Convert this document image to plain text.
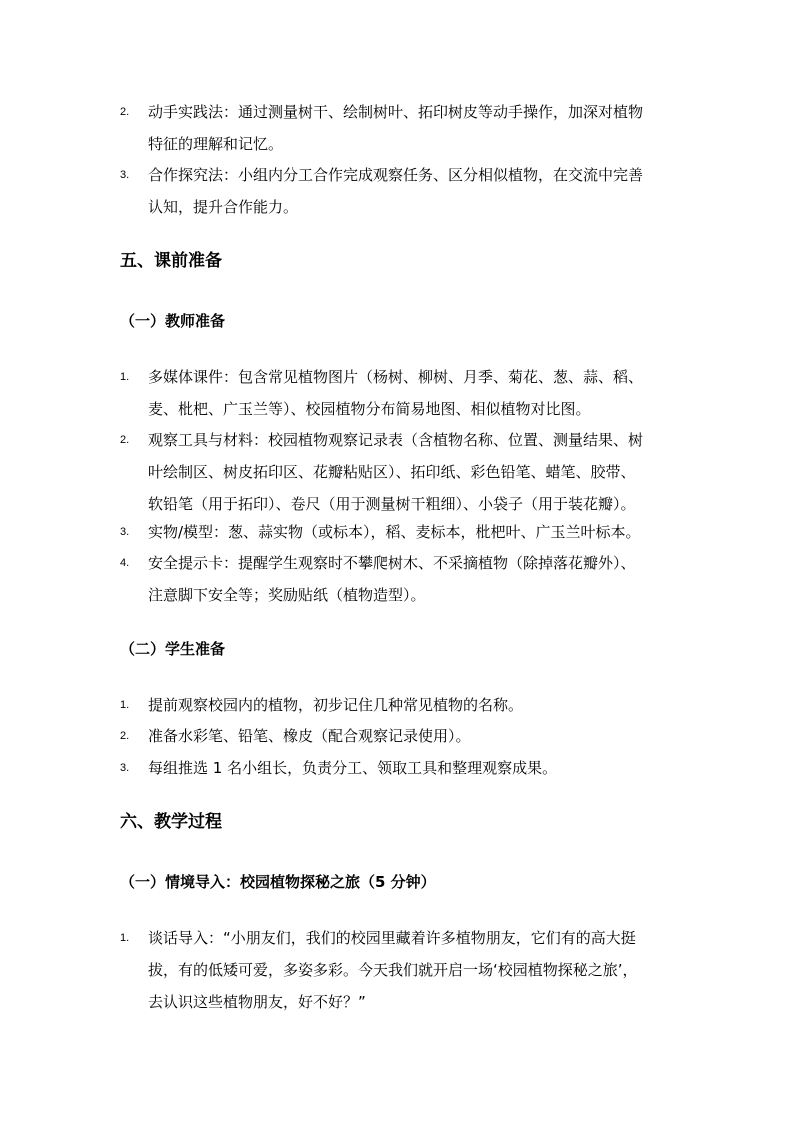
2.	动手实践法：通过测量树干、绘制树叶、拓印树皮等动手操作，加深对植物
特征的理解和记忆。
3.	合作探究法：小组内分工合作完成观察任务、区分相似植物，在交流中完善
认知，提升合作能力。
五、课前准备
（一）教师准备
1.	多媒体课件：包含常见植物图片（杨树、柳树、月季、菊花、葱、蒜、稻、
麦、枇杷、广玉兰等）、校园植物分布简易地图、相似植物对比图。
2.	观察工具与材料：校园植物观察记录表（含植物名称、位置、测量结果、树
叶绘制区、树皮拓印区、花瓣粘贴区）、拓印纸、彩色铅笔、蜡笔、胶带、
软铅笔（用于拓印）、卷尺（用于测量树干粗细）、小袋子（用于装花瓣）。
3.	实物/模型：葱、蒜实物（或标本），稻、麦标本，枇杷叶、广玉兰叶标本。
4.	安全提示卡：提醒学生观察时不攀爬树木、不采摘植物（除掉落花瓣外）、
注意脚下安全等；奖励贴纸（植物造型）。
（二）学生准备
1.	提前观察校园内的植物，初步记住几种常见植物的名称。
2.	准备水彩笔、铅笔、橡皮（配合观察记录使用）。
3.	每组推选 1 名小组长，负责分工、领取工具和整理观察成果。
六、教学过程
（一）情境导入：校园植物探秘之旅（5 分钟）
1.	谈话导入：“小朋友们，我们的校园里藏着许多植物朋友，它们有的高大挺
拔，有的低矮可爱，多姿多彩。今天我们就开启一场‘校园植物探秘之旅’，
去认识这些植物朋友，好不好？”
